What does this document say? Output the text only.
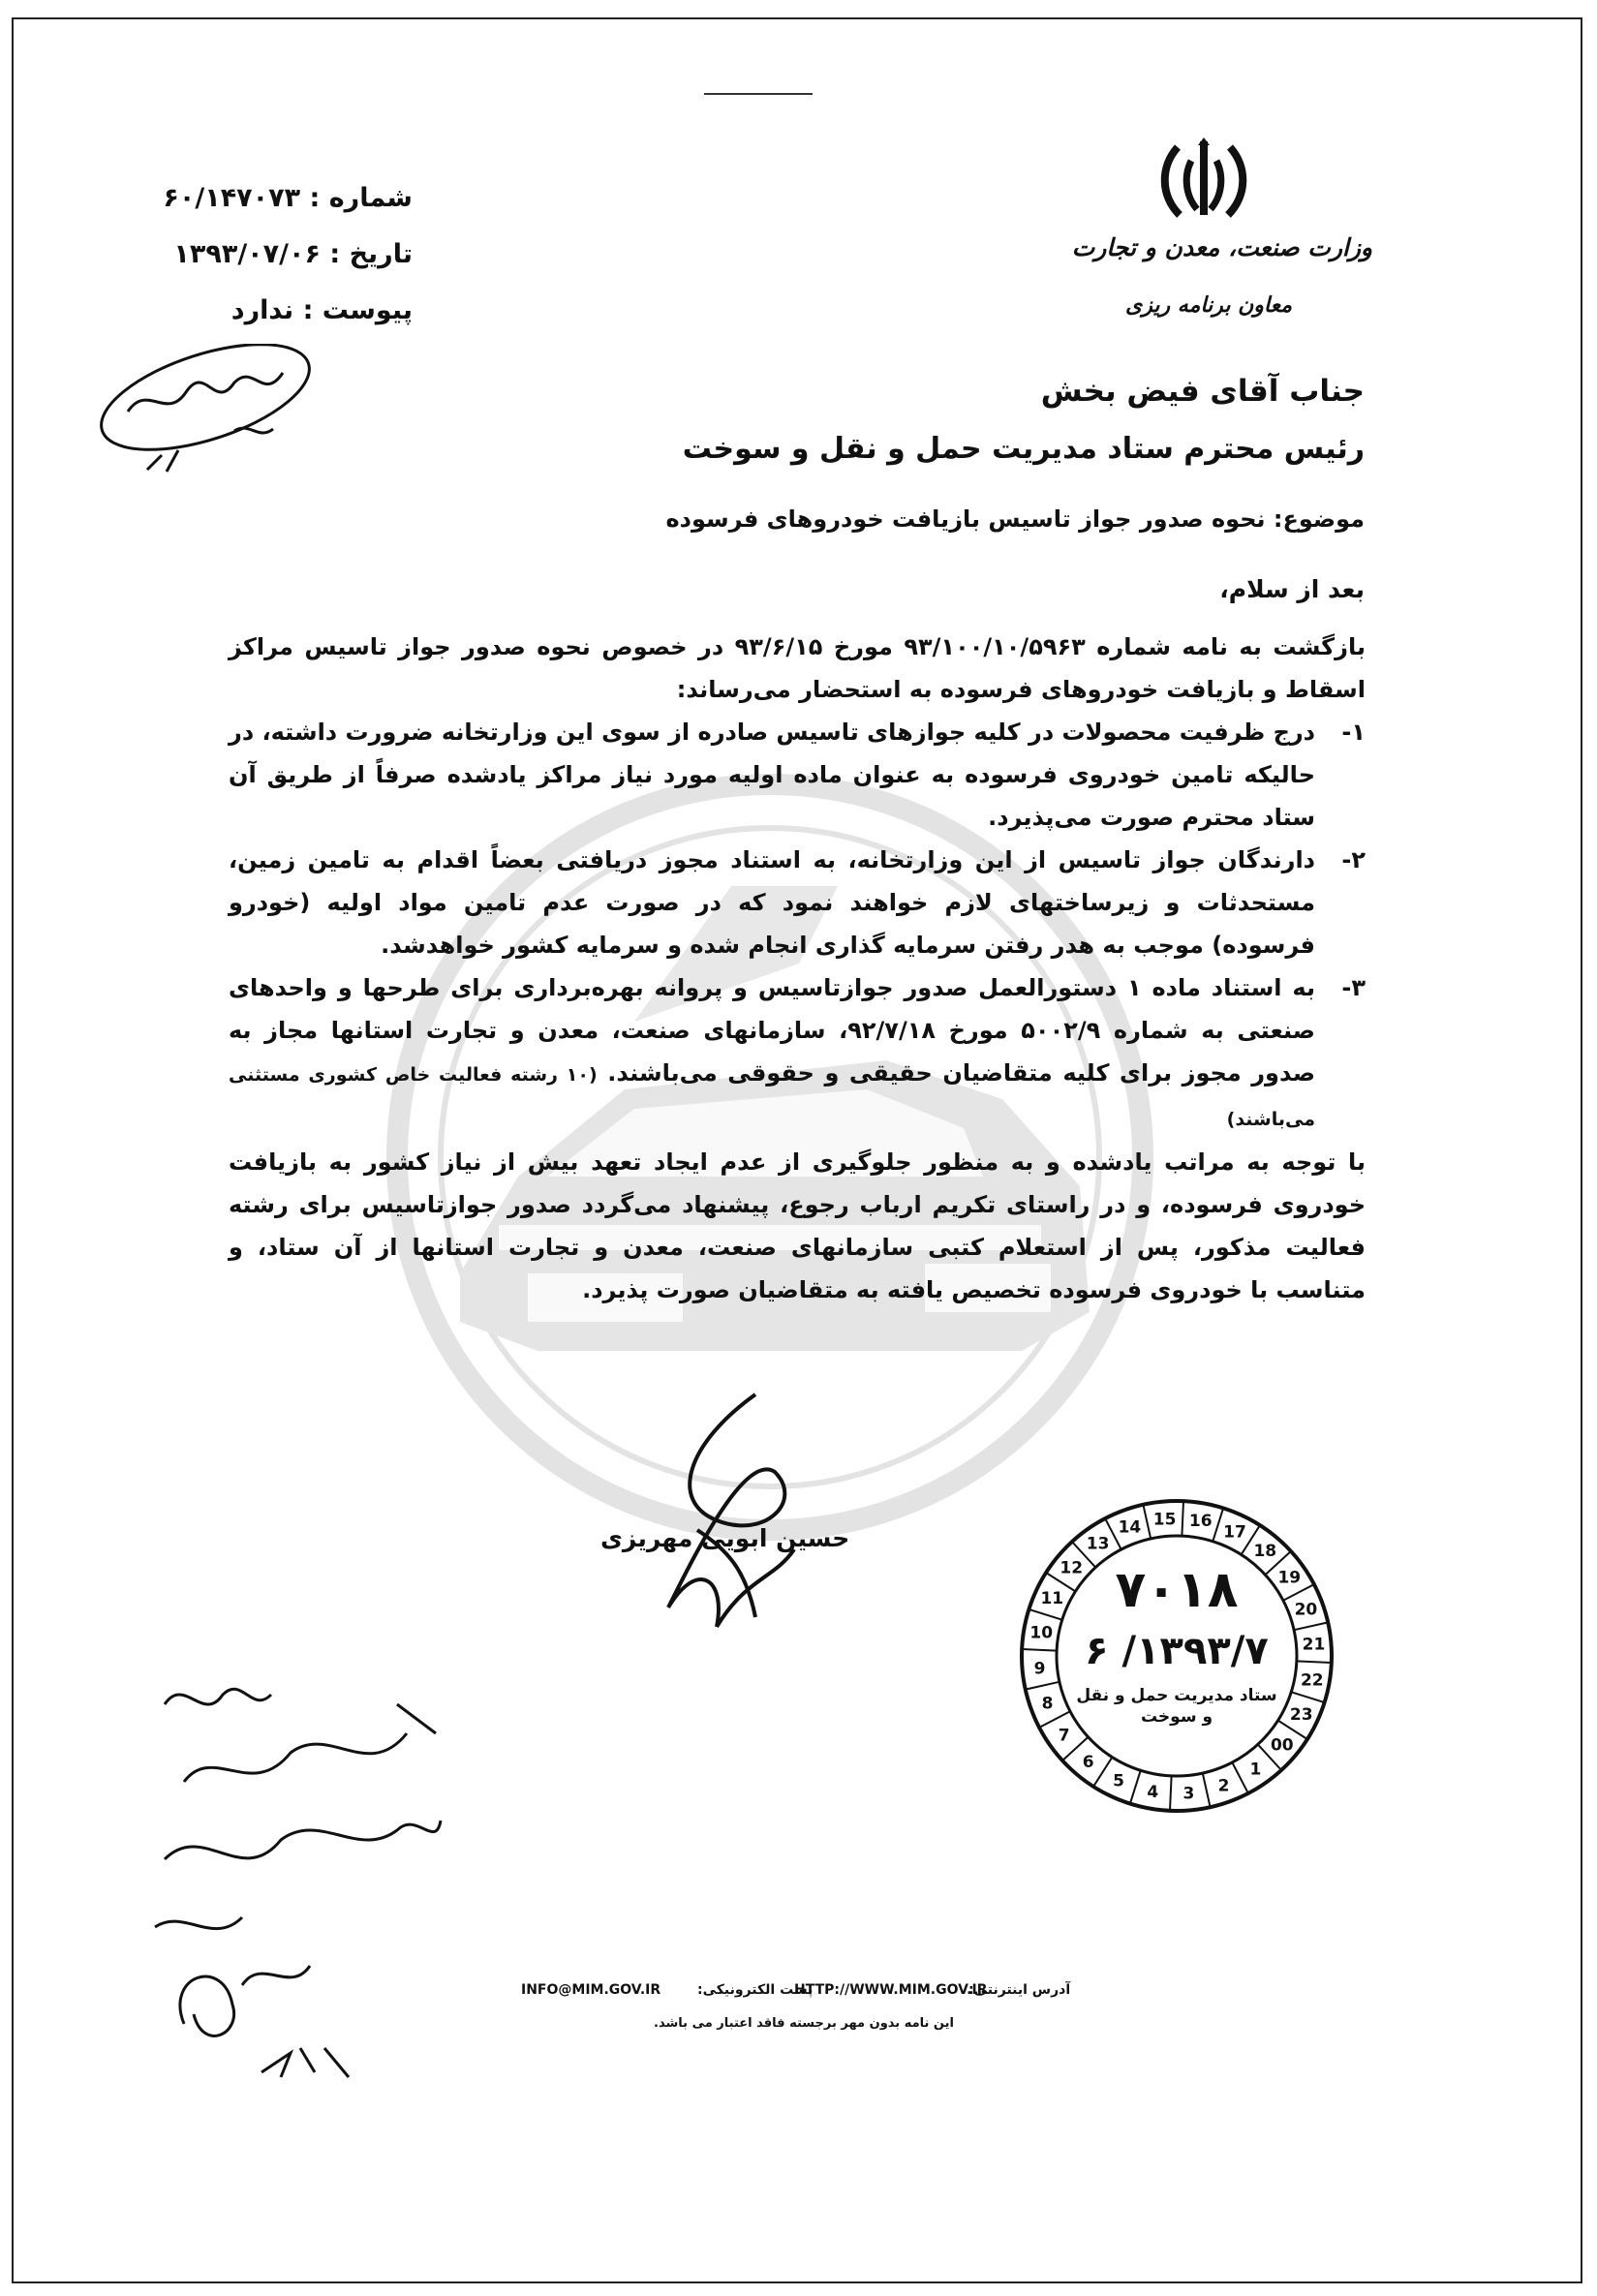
شماره : ۶۰/۱۴۷۰۷۳
تاریخ : ۱۳۹۳/۰۷/۰۶
پیوست : ندارد
وزارت صنعت، معدن و تجارت
معاون برنامه ریزی
جناب آقای فیض بخش
رئیس محترم ستاد مدیریت حمل و نقل و سوخت
موضوع: نحوه صدور جواز تاسیس بازیافت خودروهای فرسوده
بعد از سلام،

بازگشت به نامه شماره ۹۳/۱۰۰/۱۰/۵۹۶۳ مورخ ۹۳/۶/۱۵ در خصوص نحوه صدور جواز تاسیس مراکز اسقاط و بازیافت خودروهای فرسوده به استحضار می‌رساند:

۱-
درج ظرفیت محصولات در کلیه جوازهای تاسیس صادره از سوی این وزارتخانه ضرورت داشته، در حالیکه تامین خودروی فرسوده به عنوان ماده اولیه مورد نیاز مراکز یادشده صرفاً از طریق آن ستاد محترم صورت می‌پذیرد.
۲-
دارندگان جواز تاسیس از این وزارتخانه، به استناد مجوز دریافتی بعضاً اقدام به تامین زمین، مستحدثات و زیرساختهای لازم خواهند نمود که در صورت عدم تامین مواد اولیه (خودرو فرسوده) موجب به هدر رفتن سرمایه گذاری انجام شده و سرمایه کشور خواهدشد.
۳-
به استناد ماده ۱ دستورالعمل صدور جوازتاسیس و پروانه بهره‌برداری برای طرحها و واحدهای صنعتی به شماره ۵۰۰۲/۹ مورخ ۹۲/۷/۱۸، سازمانهای صنعت، معدن و تجارت استانها مجاز به صدور مجوز برای کلیه متقاضیان حقیقی و حقوقی می‌باشند. (۱۰ رشته فعالیت خاص کشوری مستثنی می‌باشند)

با توجه به مراتب یادشده و به منظور جلوگیری از عدم ایجاد تعهد بیش از نیاز کشور به بازیافت خودروی فرسوده، و در راستای تکریم ارباب رجوع، پیشنهاد می‌گردد صدور جوازتاسیس برای رشته فعالیت مذکور، پس از استعلام کتبی سازمانهای صنعت، معدن و تجارت استانها از آن ستاد، و متناسب با خودروی فرسوده تخصیص یافته به متقاضیان صورت پذیرد.

حسین ابویی مهریزی	14 15 16
17
18
19
20
21
22
23
00
1
2
3
4
5
6
7
8
9
10
11
12
13
۷۰۱۸
۱۳۹۳/۷/ ۶
ستاد مدیریت حمل و نقل
و سوخت
INFO@MIM.GOV.IR	پست الکترونیکی:
HTTP://WWW.MIM.GOV.IR
آدرس اینترنتی:
این نامه بدون مهر برجسته فاقد اعتبار می باشد.
